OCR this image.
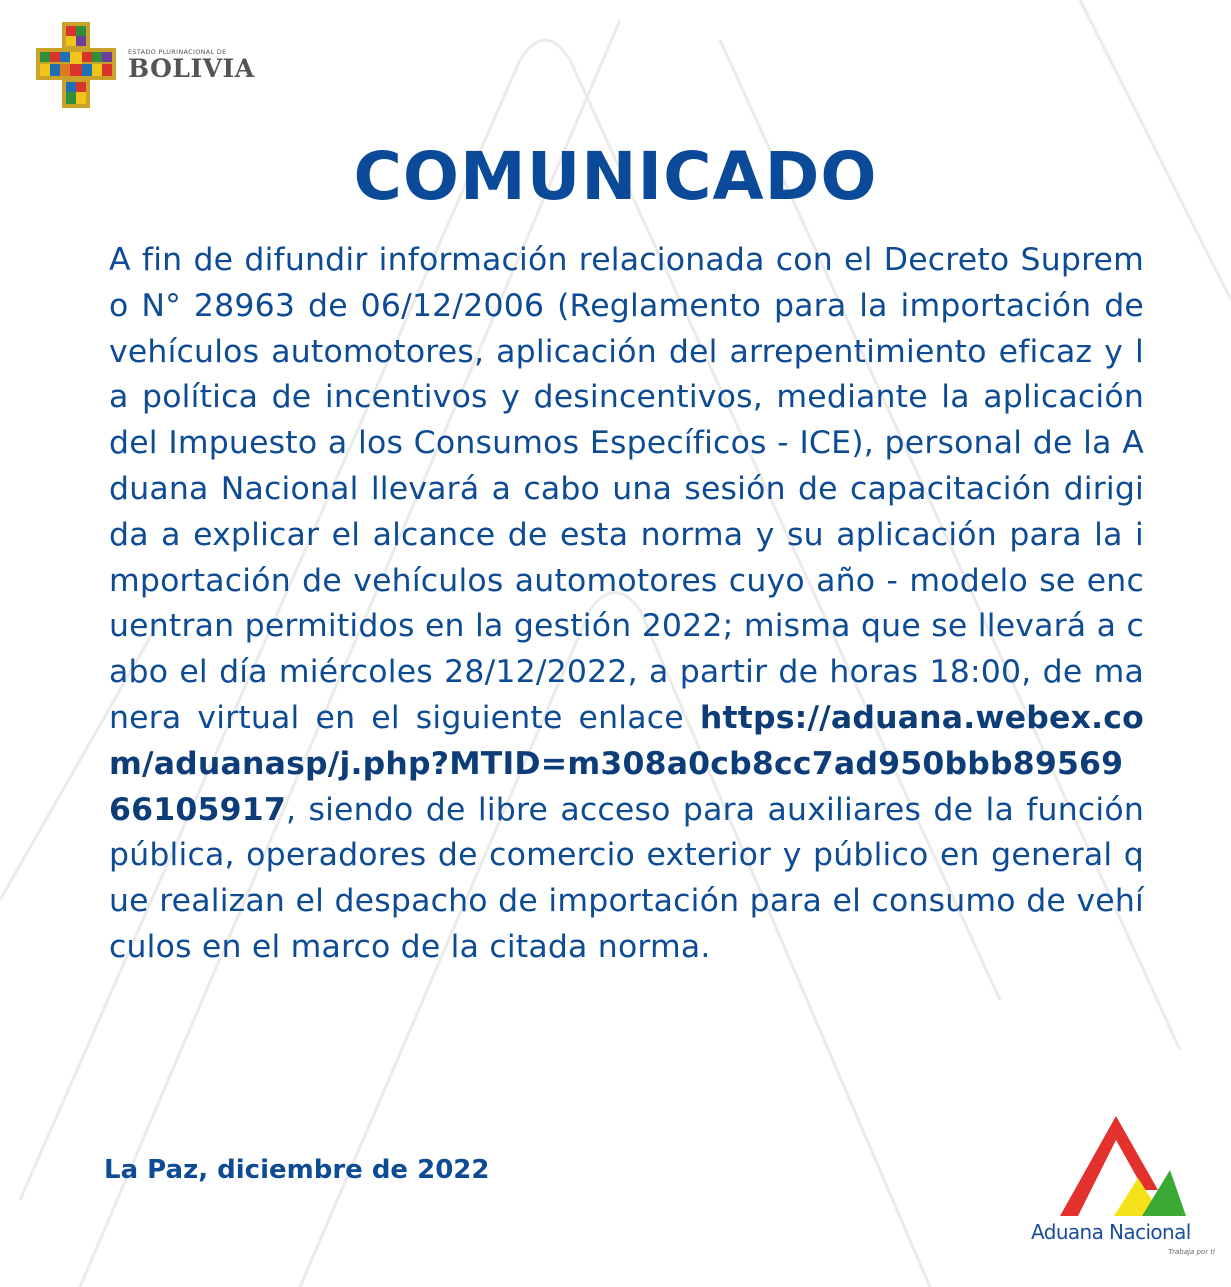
ESTADO PLURINACIONAL DE
BOLIVIA
COMUNICADO

A fin de difundir información relacionada con el Decreto Supremo N° 28963 de 06/12/2006 (Reglamento para la importación de vehículos automotores, aplicación del arrepentimiento eficaz y la política de incentivos y desincentivos, mediante la aplicación del Impuesto a los Consumos Específicos - ICE), personal de la Aduana Nacional llevará a cabo una sesión de capacitación dirigida a explicar el alcance de esta norma y su aplicación para la importación de vehículos automotores cuyo año - modelo se encuentran permitidos en la gestión 2022; misma que se llevará a cabo el día miércoles 28/12/2022, a partir de horas 18:00, de manera virtual en el siguiente enlace https://aduana.webex.com/aduanasp/j.php?MTID=m308a0cb8cc7ad950bbb8956966105917, siendo de libre acceso para auxiliares de la función pública, operadores de comercio exterior y público en general que realizan el despacho de importación para el consumo de vehículos en el marco de la citada norma.

La Paz, diciembre de 2022
Aduana Nacional
Trabaja por ti
